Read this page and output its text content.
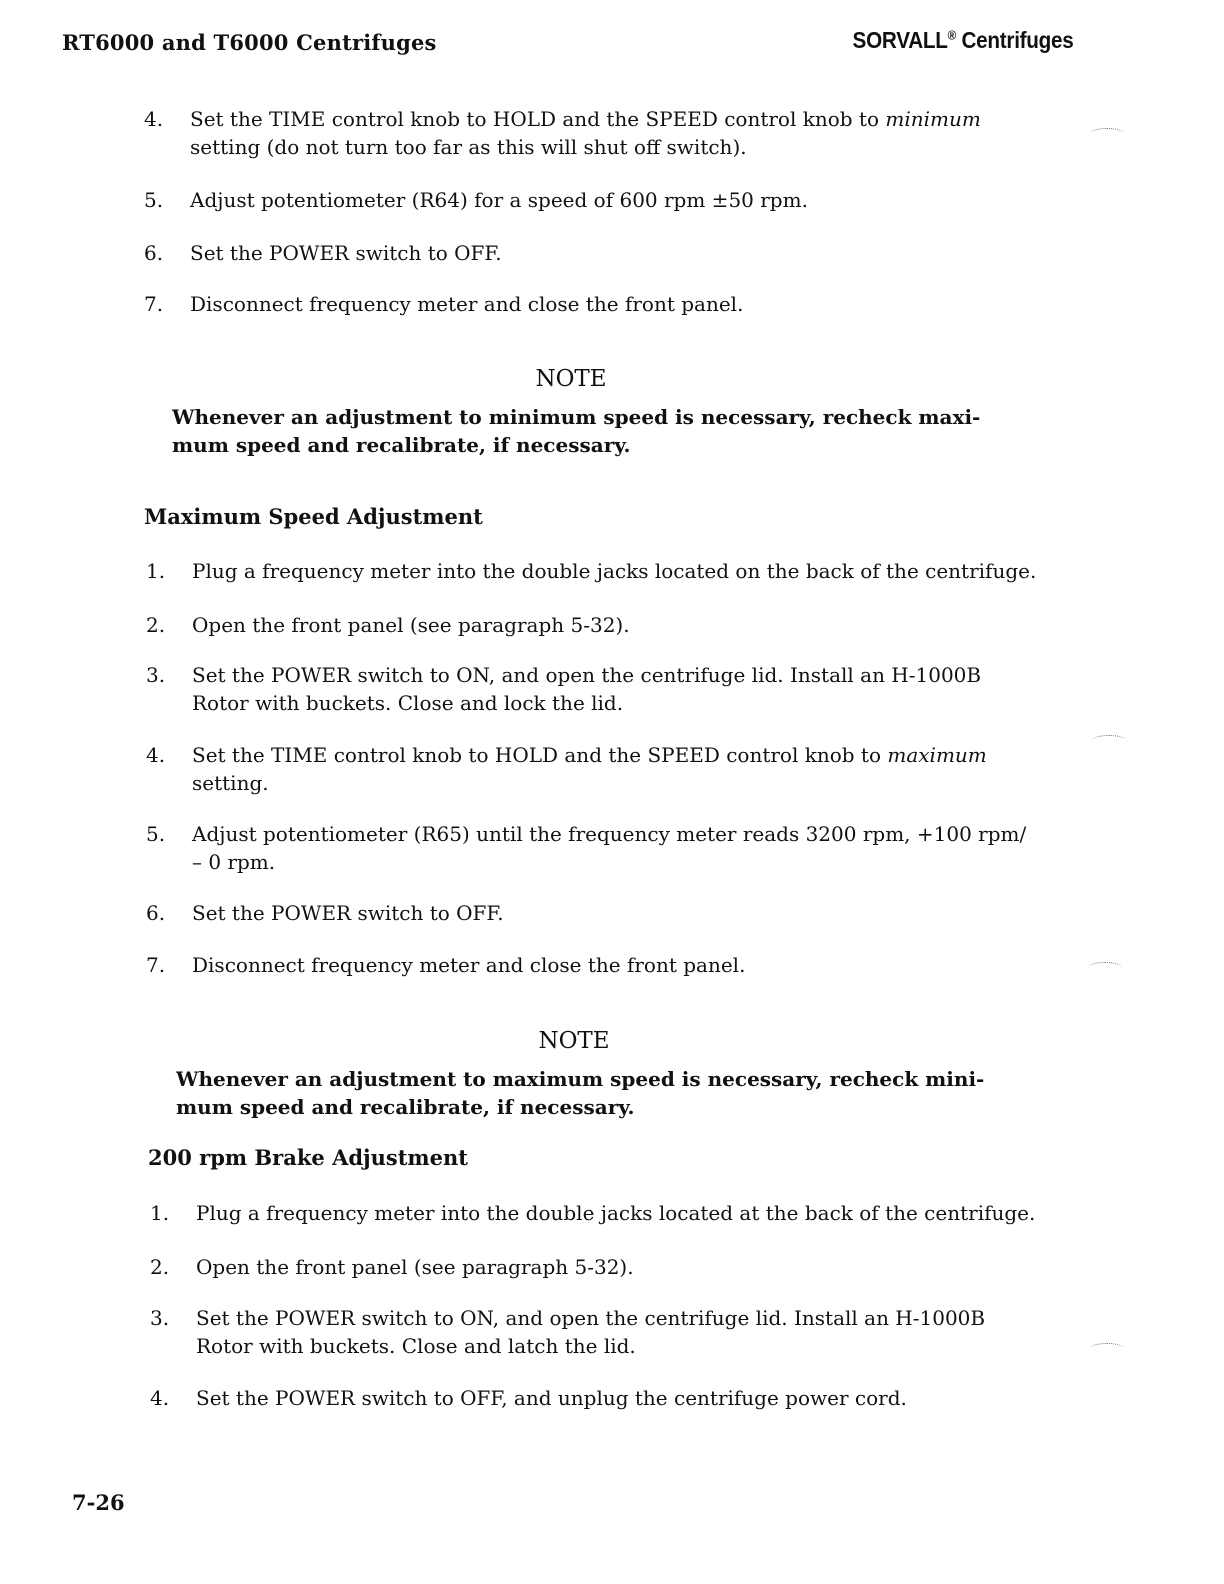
RT6000 and T6000 Centrifuges	SORVALL® Centrifuges
4. Set the TIME control knob to HOLD and the SPEED control knob to minimum setting (do not turn too far as this will shut off switch).
5. Adjust potentiometer (R64) for a speed of 600 rpm ±50 rpm.
6. Set the POWER switch to OFF.
7. Disconnect frequency meter and close the front panel.
NOTE
Whenever an adjustment to minimum speed is necessary, recheck maxi-
mum speed and recalibrate, if necessary.
Maximum Speed Adjustment
1. Plug a frequency meter into the double jacks located on the back of the centrifuge.
2. Open the front panel (see paragraph 5-32).
3. Set the POWER switch to ON, and open the centrifuge lid. Install an H-1000B
Rotor with buckets. Close and lock the lid.
4. Set the TIME control knob to HOLD and the SPEED control knob to maximum setting.
5. Adjust potentiometer (R65) until the frequency meter reads 3200 rpm, +100 rpm/
– 0 rpm.
6. Set the POWER switch to OFF.
7. Disconnect frequency meter and close the front panel.
NOTE
Whenever an adjustment to maximum speed is necessary, recheck mini-
mum speed and recalibrate, if necessary.
200 rpm Brake Adjustment
1. Plug a frequency meter into the double jacks located at the back of the centrifuge.
2. Open the front panel (see paragraph 5-32).
3. Set the POWER switch to ON, and open the centrifuge lid. Install an H-1000B
Rotor with buckets. Close and latch the lid.
4. Set the POWER switch to OFF, and unplug the centrifuge power cord.
7-26
